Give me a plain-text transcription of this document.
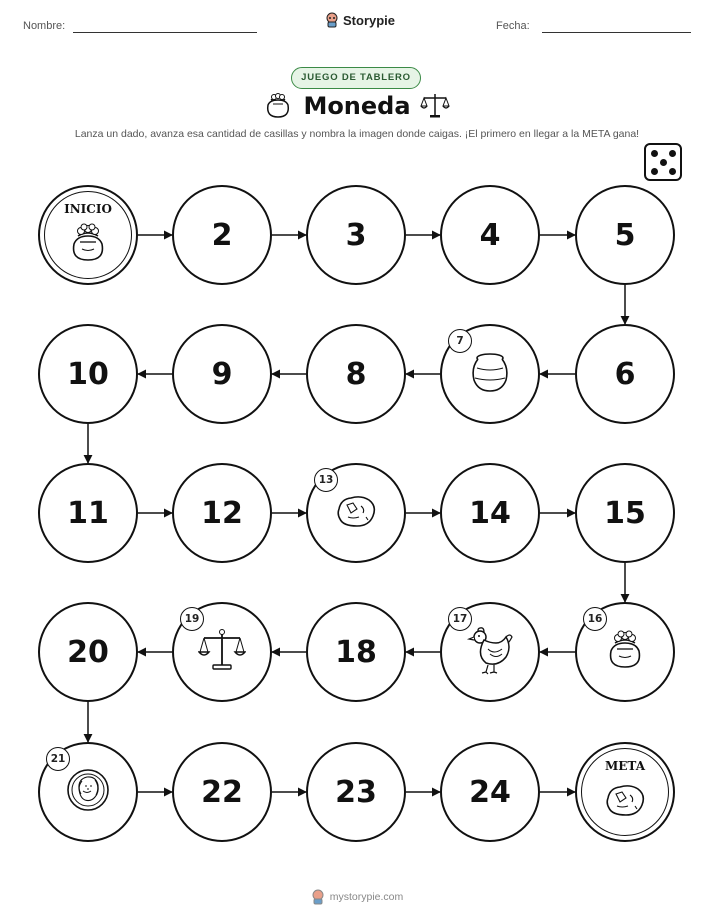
Nombre:	Storypie	Fecha:
JUEGO DE TABLERO
Moneda
Lanza un dado, avanza esa cantidad de casillas y nombra la imagen donde caigas. ¡El primero en llegar a la META gana!
INICIO
2	3	4	5
6
7
8
9
10
11	12
13
14	15
16
17
18
19
20
21
22	23	24
META
mystorypie.com
